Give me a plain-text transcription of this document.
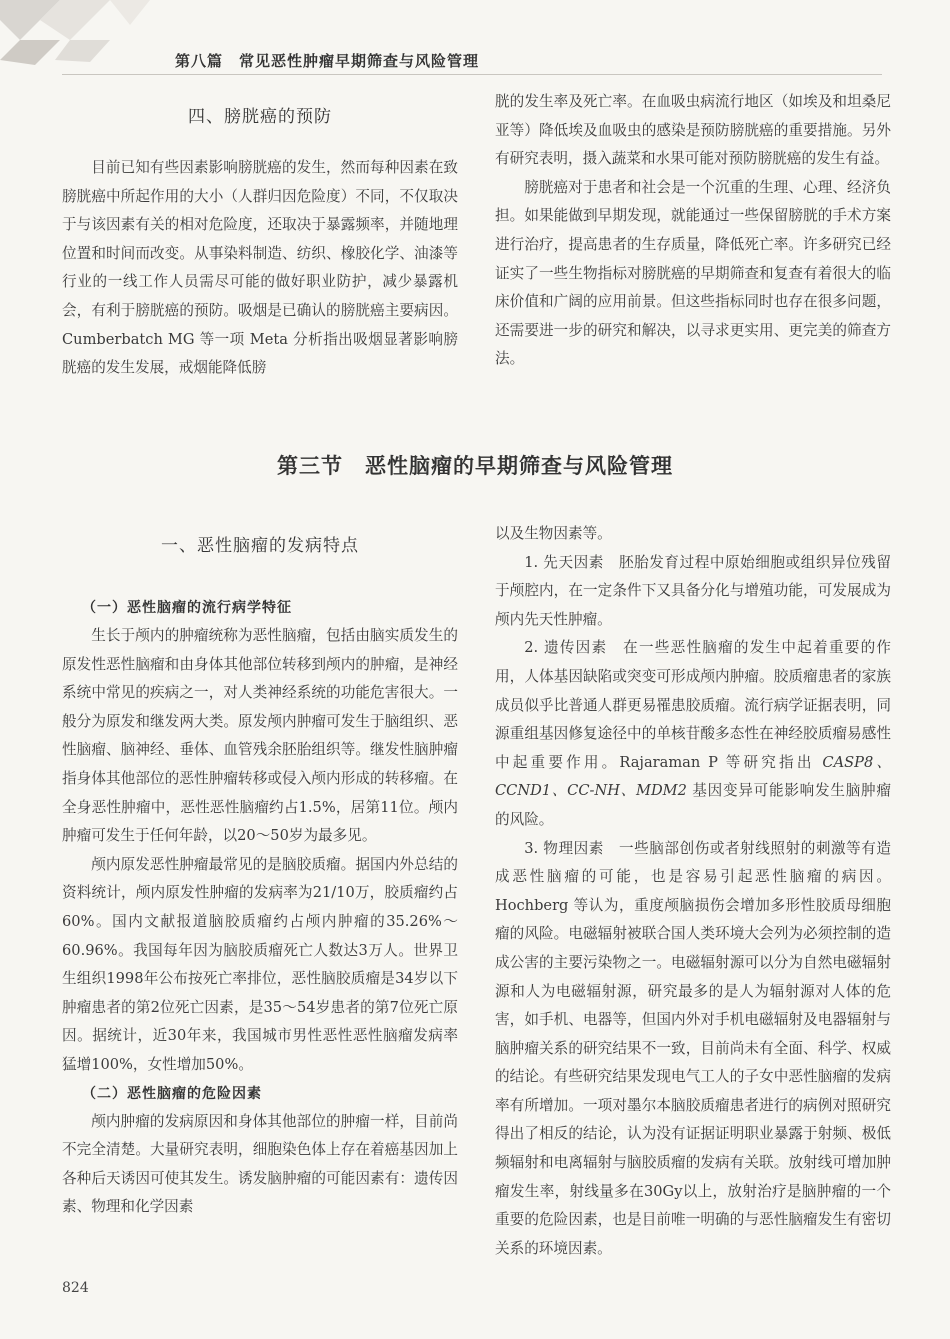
第八篇　常见恶性肿瘤早期筛查与风险管理
四、膀胱癌的预防

目前已知有些因素影响膀胱癌的发生，然而每种因素在致膀胱癌中所起作用的大小（人群归因危险度）不同，不仅取决于与该因素有关的相对危险度，还取决于暴露频率，并随地理位置和时间而改变。从事染料制造、纺织、橡胶化学、油漆等行业的一线工作人员需尽可能的做好职业防护，减少暴露机会，有利于膀胱癌的预防。吸烟是已确认的膀胱癌主要病因。Cumberbatch MG 等一项 Meta 分析指出吸烟显著影响膀胱癌的发生发展，戒烟能降低膀

胱的发生率及死亡率。在血吸虫病流行地区（如埃及和坦桑尼亚等）降低埃及血吸虫的感染是预防膀胱癌的重要措施。另外有研究表明，摄入蔬菜和水果可能对预防膀胱癌的发生有益。

膀胱癌对于患者和社会是一个沉重的生理、心理、经济负担。如果能做到早期发现，就能通过一些保留膀胱的手术方案进行治疗，提高患者的生存质量，降低死亡率。许多研究已经证实了一些生物指标对膀胱癌的早期筛查和复查有着很大的临床价值和广阔的应用前景。但这些指标同时也存在很多问题，还需要进一步的研究和解决，以寻求更实用、更完美的筛查方法。

第三节　恶性脑瘤的早期筛查与风险管理
一、恶性脑瘤的发病特点
（一）恶性脑瘤的流行病学特征

生长于颅内的肿瘤统称为恶性脑瘤，包括由脑实质发生的原发性恶性脑瘤和由身体其他部位转移到颅内的肿瘤，是神经系统中常见的疾病之一，对人类神经系统的功能危害很大。一般分为原发和继发两大类。原发颅内肿瘤可发生于脑组织、恶性脑瘤、脑神经、垂体、血管残余胚胎组织等。继发性脑肿瘤指身体其他部位的恶性肿瘤转移或侵入颅内形成的转移瘤。在全身恶性肿瘤中，恶性恶性脑瘤约占1.5%，居第11位。颅内肿瘤可发生于任何年龄，以20～50岁为最多见。

颅内原发恶性肿瘤最常见的是脑胶质瘤。据国内外总结的资料统计，颅内原发性肿瘤的发病率为21/10万，胶质瘤约占60%。国内文献报道脑胶质瘤约占颅内肿瘤的35.26%～60.96%。我国每年因为脑胶质瘤死亡人数达3万人。世界卫生组织1998年公布按死亡率排位，恶性脑胶质瘤是34岁以下肿瘤患者的第2位死亡因素，是35～54岁患者的第7位死亡原因。据统计，近30年来，我国城市男性恶性恶性脑瘤发病率猛增100%，女性增加50%。

（二）恶性脑瘤的危险因素

颅内肿瘤的发病原因和身体其他部位的肿瘤一样，目前尚不完全清楚。大量研究表明，细胞染色体上存在着癌基因加上各种后天诱因可使其发生。诱发脑肿瘤的可能因素有：遗传因素、物理和化学因素

以及生物因素等。

1. 先天因素　胚胎发育过程中原始细胞或组织异位残留于颅腔内，在一定条件下又具备分化与增殖功能，可发展成为颅内先天性肿瘤。

2. 遗传因素　在一些恶性脑瘤的发生中起着重要的作用，人体基因缺陷或突变可形成颅内肿瘤。胶质瘤患者的家族成员似乎比普通人群更易罹患胶质瘤。流行病学证据表明，同源重组基因修复途径中的单核苷酸多态性在神经胶质瘤易感性中起重要作用。Rajaraman P 等研究指出 CASP8、CCND1、CC-NH、MDM2 基因变异可能影响发生脑肿瘤的风险。

3. 物理因素　一些脑部创伤或者射线照射的刺激等有造成恶性脑瘤的可能，也是容易引起恶性脑瘤的病因。Hochberg 等认为，重度颅脑损伤会增加多形性胶质母细胞瘤的风险。电磁辐射被联合国人类环境大会列为必须控制的造成公害的主要污染物之一。电磁辐射源可以分为自然电磁辐射源和人为电磁辐射源，研究最多的是人为辐射源对人体的危害，如手机、电器等，但国内外对手机电磁辐射及电器辐射与脑肿瘤关系的研究结果不一致，目前尚未有全面、科学、权威的结论。有些研究结果发现电气工人的子女中恶性脑瘤的发病率有所增加。一项对墨尔本脑胶质瘤患者进行的病例对照研究得出了相反的结论，认为没有证据证明职业暴露于射频、极低频辐射和电离辐射与脑胶质瘤的发病有关联。放射线可增加肿瘤发生率，射线量多在30Gy以上，放射治疗是脑肿瘤的一个重要的危险因素，也是目前唯一明确的与恶性脑瘤发生有密切关系的环境因素。

824
